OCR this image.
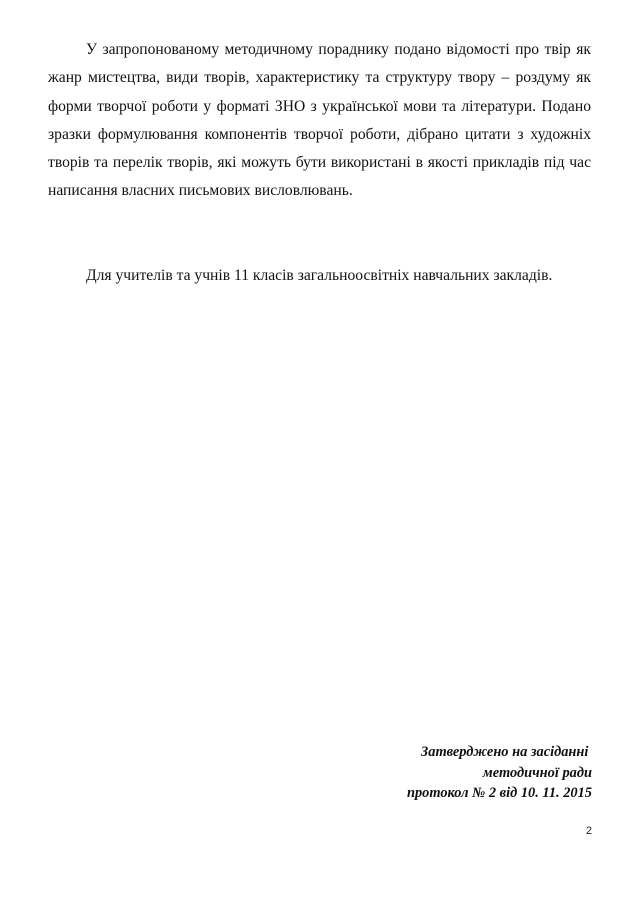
У запропонованому методичному пораднику подано відомості про твір як жанр мистецтва, види творів, характеристику та структуру твору – роздуму як форми творчої роботи у форматі ЗНО з української мови та літератури. Подано зразки формулювання компонентів творчої роботи, дібрано цитати з художніх творів та перелік творів, які можуть бути використані в якості прикладів під час написання власних письмових висловлювань.

Для учителів та учнів 11 класів загальноосвітніх навчальних закладів.

Затверджено на засіданні
методичної ради
протокол № 2 від 10. 11. 2015
2
